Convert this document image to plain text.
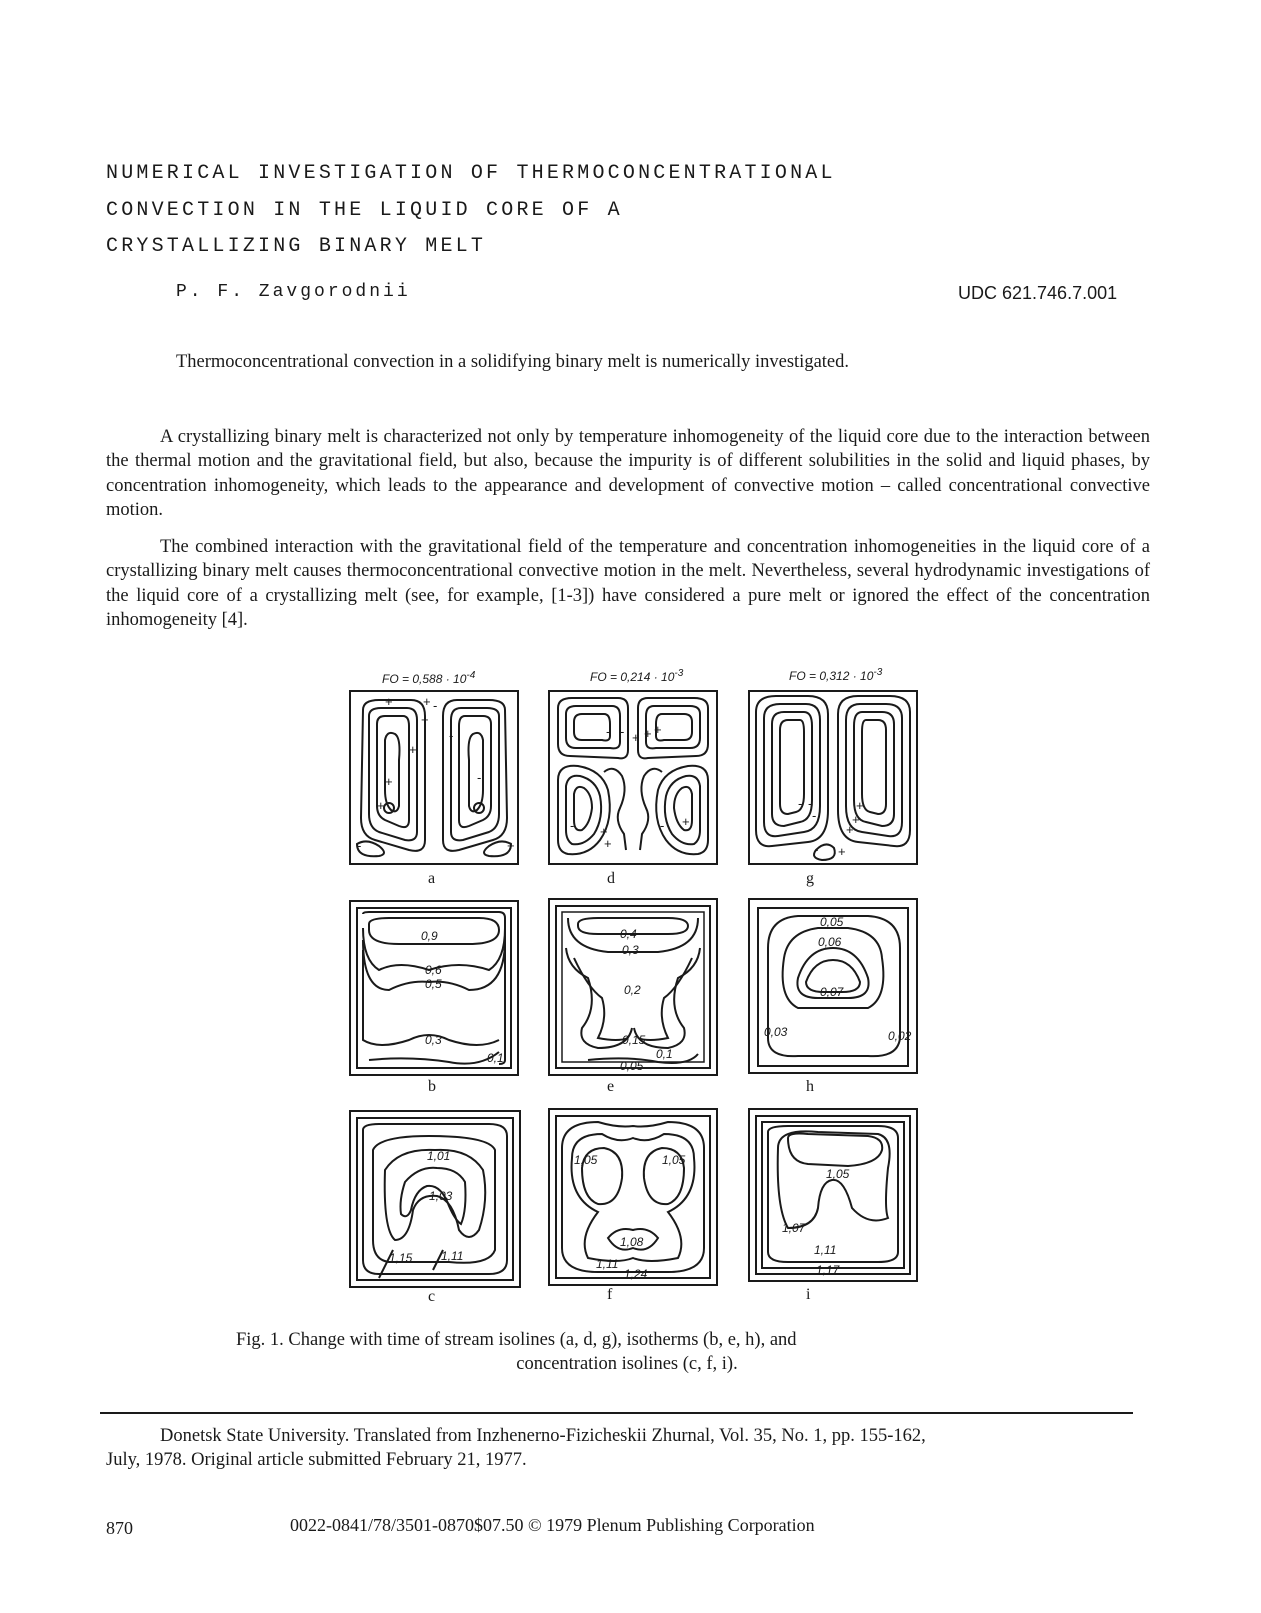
NUMERICAL INVESTIGATION OF THERMOCONCENTRATIONAL
CONVECTION IN THE LIQUID CORE OF A
CRYSTALLIZING BINARY MELT
P. F. Zavgorodnii	UDC 621.746.7.001
Thermoconcentrational convection in a solidifying binary melt is numerically investigated.

A crystallizing binary melt is characterized not only by temperature inhomogeneity of the liquid core due to the interaction between the thermal motion and the gravitational field, but also, because the impurity is of different solubilities in the solid and liquid phases, by concentration inhomogeneity, which leads to the appearance and development of convective motion – called concentrational convective motion.

The combined interaction with the gravitational field of the temperature and concentration inhomogeneities in the liquid core of a crystallizing binary melt causes thermoconcentrational convective motion in the melt. Nevertheless, several hydrodynamic investigations of the liquid core of a crystallizing melt (see, for example, [1-3]) have considered a pure melt or ignored the effect of the concentration inhomogeneity [4].

FO = $0,588 \cdot 10^{-4}$	FO = $0,214 \cdot 10^{-3}$	FO = $0,312 \cdot 10^{-3}$
+ + -
+
+
+
+
-
-
-	+
- - + + +
+
+
- +
-
- -
-
+
+
+
- +
a	d	g
0,9
0,6
0,5
0,3
0,1
0,4
0,3
0,2
0,15
0,1
0,05
0,05
0,06
0,07
0,03	0,02
b	e	h
1,01
1,03
1,15 1,11
1,05	1,05
1,08
1,11
1,24
1,05
1,07
1,11
1,17
c	f	i
Fig. 1. Change with time of stream isolines (a, d, g), isotherms (b, e, h), and
concentration isolines (c, f, i).

Donetsk State University. Translated from Inzhenerno-Fizicheskii Zhurnal, Vol. 35, No. 1, pp. 155-162,

July, 1978. Original article submitted February 21, 1977.

870	0022-0841/78/3501-0870$07.50 © 1979 Plenum Publishing Corporation
